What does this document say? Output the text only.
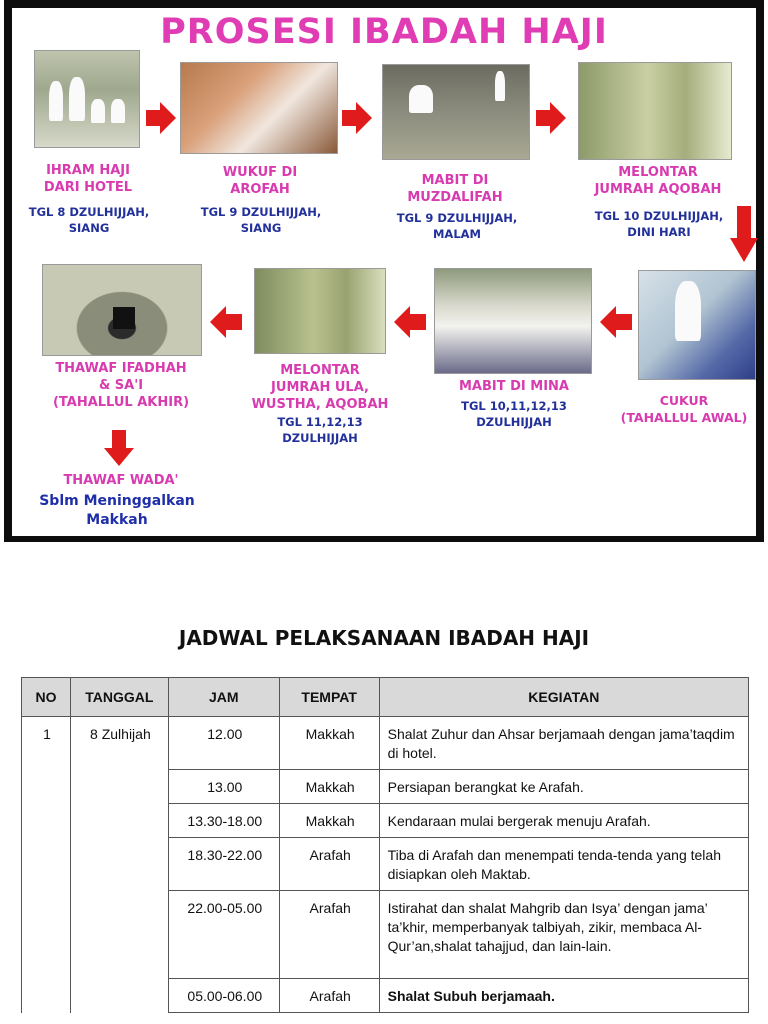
PROSESI IBADAH HAJI
IHRAM HAJI
DARI HOTEL
TGL 8 DZULHIJJAH,
SIANG
WUKUF DI
AROFAH
TGL 9 DZULHIJJAH,
SIANG
MABIT DI
MUZDALIFAH
TGL 9 DZULHIJJAH,
MALAM
MELONTAR
JUMRAH AQOBAH
TGL 10 DZULHIJJAH,
DINI HARI
CUKUR
(TAHALLUL AWAL)
MABIT DI MINA
TGL 10,11,12,13
DZULHIJJAH
MELONTAR
JUMRAH ULA,
WUSTHA, AQOBAH
TGL 11,12,13
DZULHIJJAH
THAWAF IFADHAH
& SA'I
(TAHALLUL AKHIR)
THAWAF WADA'
Sblm Meninggalkan
Makkah
JADWAL PELAKSANAAN IBADAH HAJI
NO	TANGGAL	JAM	TEMPAT	KEGIATAN
1	8 Zulhijah	12.00	Makkah	Shalat Zuhur dan Ahsar berjamaah dengan jama’taqdim di hotel.
		13.00	Makkah	Persiapan berangkat ke Arafah.
		13.30-18.00	Makkah	Kendaraan mulai bergerak menuju Arafah.
		18.30-22.00	Arafah	Tiba di Arafah dan menempati tenda-tenda yang telah disiapkan oleh Maktab.
		22.00-05.00	Arafah	Istirahat dan shalat Mahgrib dan Isya’ dengan jama’ ta’khir, memperbanyak talbiyah, zikir, membaca Al-Qur’an,shalat tahajjud, dan lain-lain.
		05.00-06.00	Arafah	Shalat Subuh berjamaah.
